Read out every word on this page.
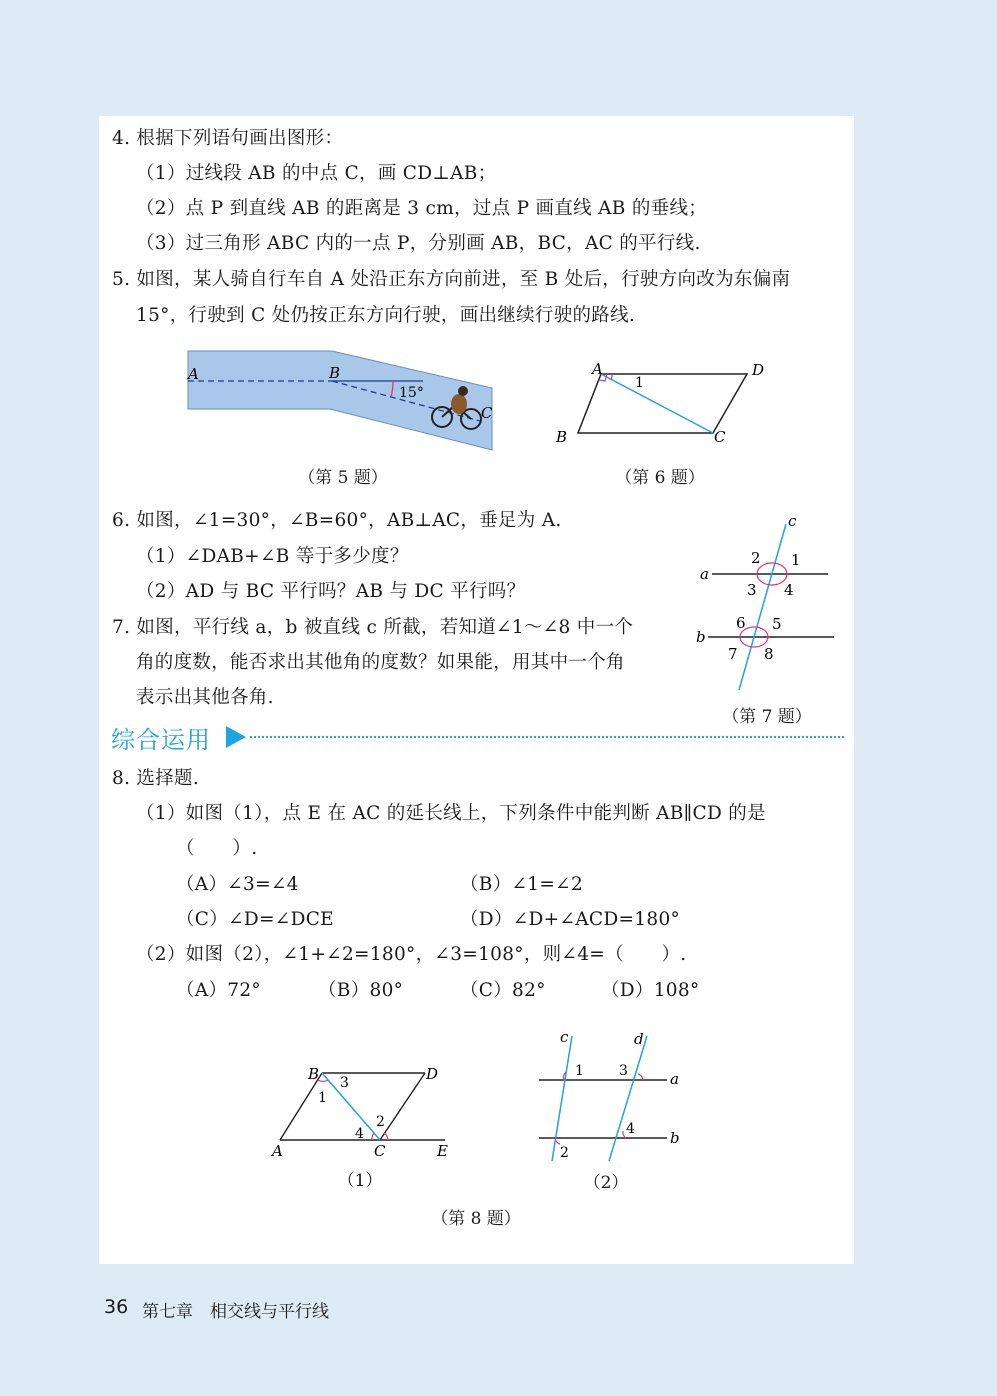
4. 根据下列语句画出图形：
（1）过线段 AB 的中点 C，画 CD⊥AB；
（2）点 P 到直线 AB 的距离是 3 cm，过点 P 画直线 AB 的垂线；
（3）过三角形 ABC 内的一点 P，分别画 AB，BC，AC 的平行线.
5. 如图，某人骑自行车自 A 处沿正东方向前进，至 B 处后，行驶方向改为东偏南
15°，行驶到 C 处仍按正东方向行驶，画出继续行驶的路线.
A	B
C
15°
（第 5 题）
A	D
B	C
1
（第 6 题）
6. 如图，∠1=30°，∠B=60°，AB⊥AC，垂足为 A.
（1）∠DAB+∠B 等于多少度？
（2）AD 与 BC 平行吗？AB 与 DC 平行吗？
7. 如图，平行线 a，b 被直线 c 所截，若知道∠1～∠8 中一个
角的度数，能否求出其他角的度数？如果能，用其中一个角
表示出其他各角.
c
a
b
2 1
3 4
6 5
7 8
（第 7 题）
综合运用
8. 选择题.
（1）如图（1），点 E 在 AC 的延长线上，下列条件中能判断 AB∥CD 的是
（　　）.
（A）∠3=∠4	（B）∠1=∠2
（C）∠D=∠DCE	（D）∠D+∠ACD=180°
（2）如图（2），∠1+∠2=180°，∠3=108°，则∠4=（　　）.
（A）72°	（B）80°	（C）82°	（D）108°
B	D
A	C	E
1
3
2
4
（1）
c	d
a
b
1	3
4
2
（2）
（第 8 题）
36 第七章　相交线与平行线
